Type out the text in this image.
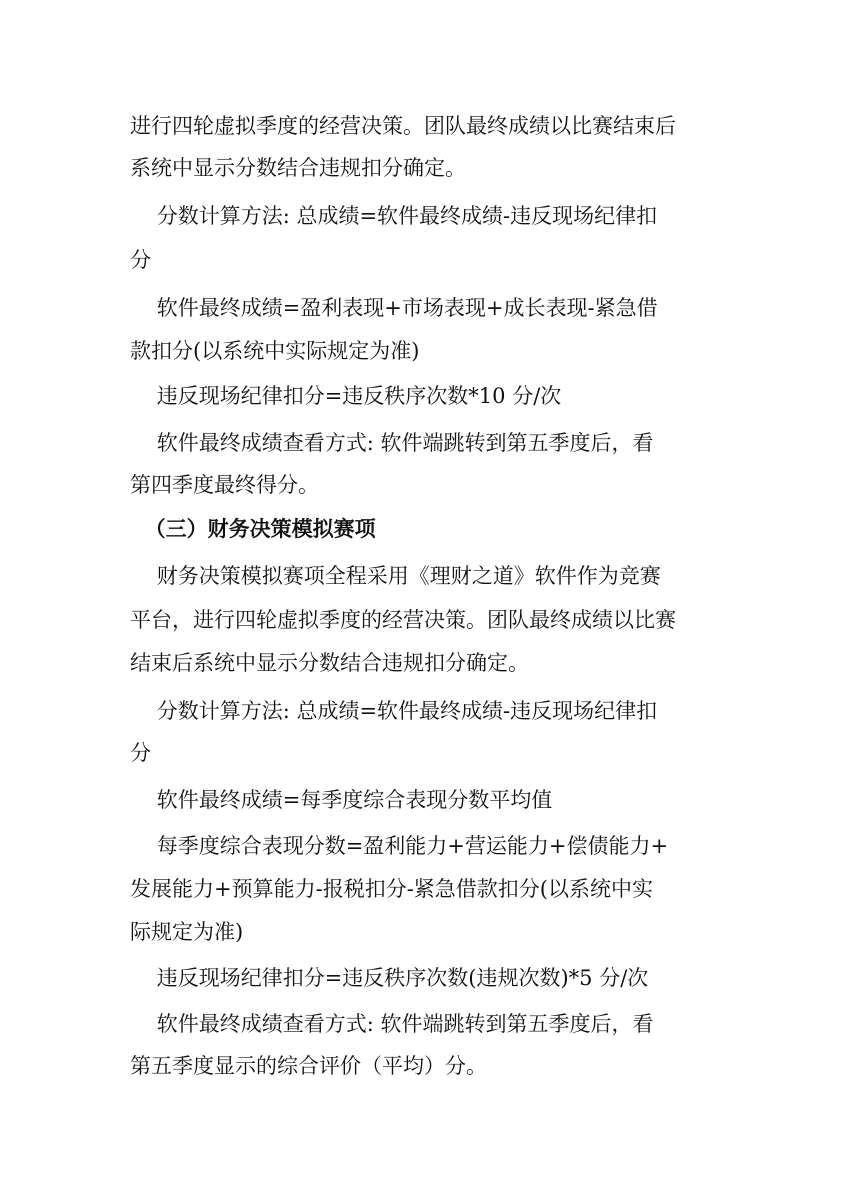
进行四轮虚拟季度的经营决策。团队最终成绩以比赛结束后

系统中显示分数结合违规扣分确定。

分数计算方法: 总成绩=软件最终成绩-违反现场纪律扣

分

软件最终成绩=盈利表现+市场表现+成长表现-紧急借

款扣分(以系统中实际规定为准)

违反现场纪律扣分=违反秩序次数*10 分/次

软件最终成绩查看方式: 软件端跳转到第五季度后，看

第四季度最终得分。

（三）财务决策模拟赛项

财务决策模拟赛项全程采用《理财之道》软件作为竞赛

平台，进行四轮虚拟季度的经营决策。团队最终成绩以比赛

结束后系统中显示分数结合违规扣分确定。

分数计算方法: 总成绩=软件最终成绩-违反现场纪律扣

分

软件最终成绩=每季度综合表现分数平均值

每季度综合表现分数=盈利能力+营运能力+偿债能力+

发展能力+预算能力-报税扣分-紧急借款扣分(以系统中实

际规定为准)

违反现场纪律扣分=违反秩序次数(违规次数)*5 分/次

软件最终成绩查看方式: 软件端跳转到第五季度后，看

第五季度显示的综合评价（平均）分。
